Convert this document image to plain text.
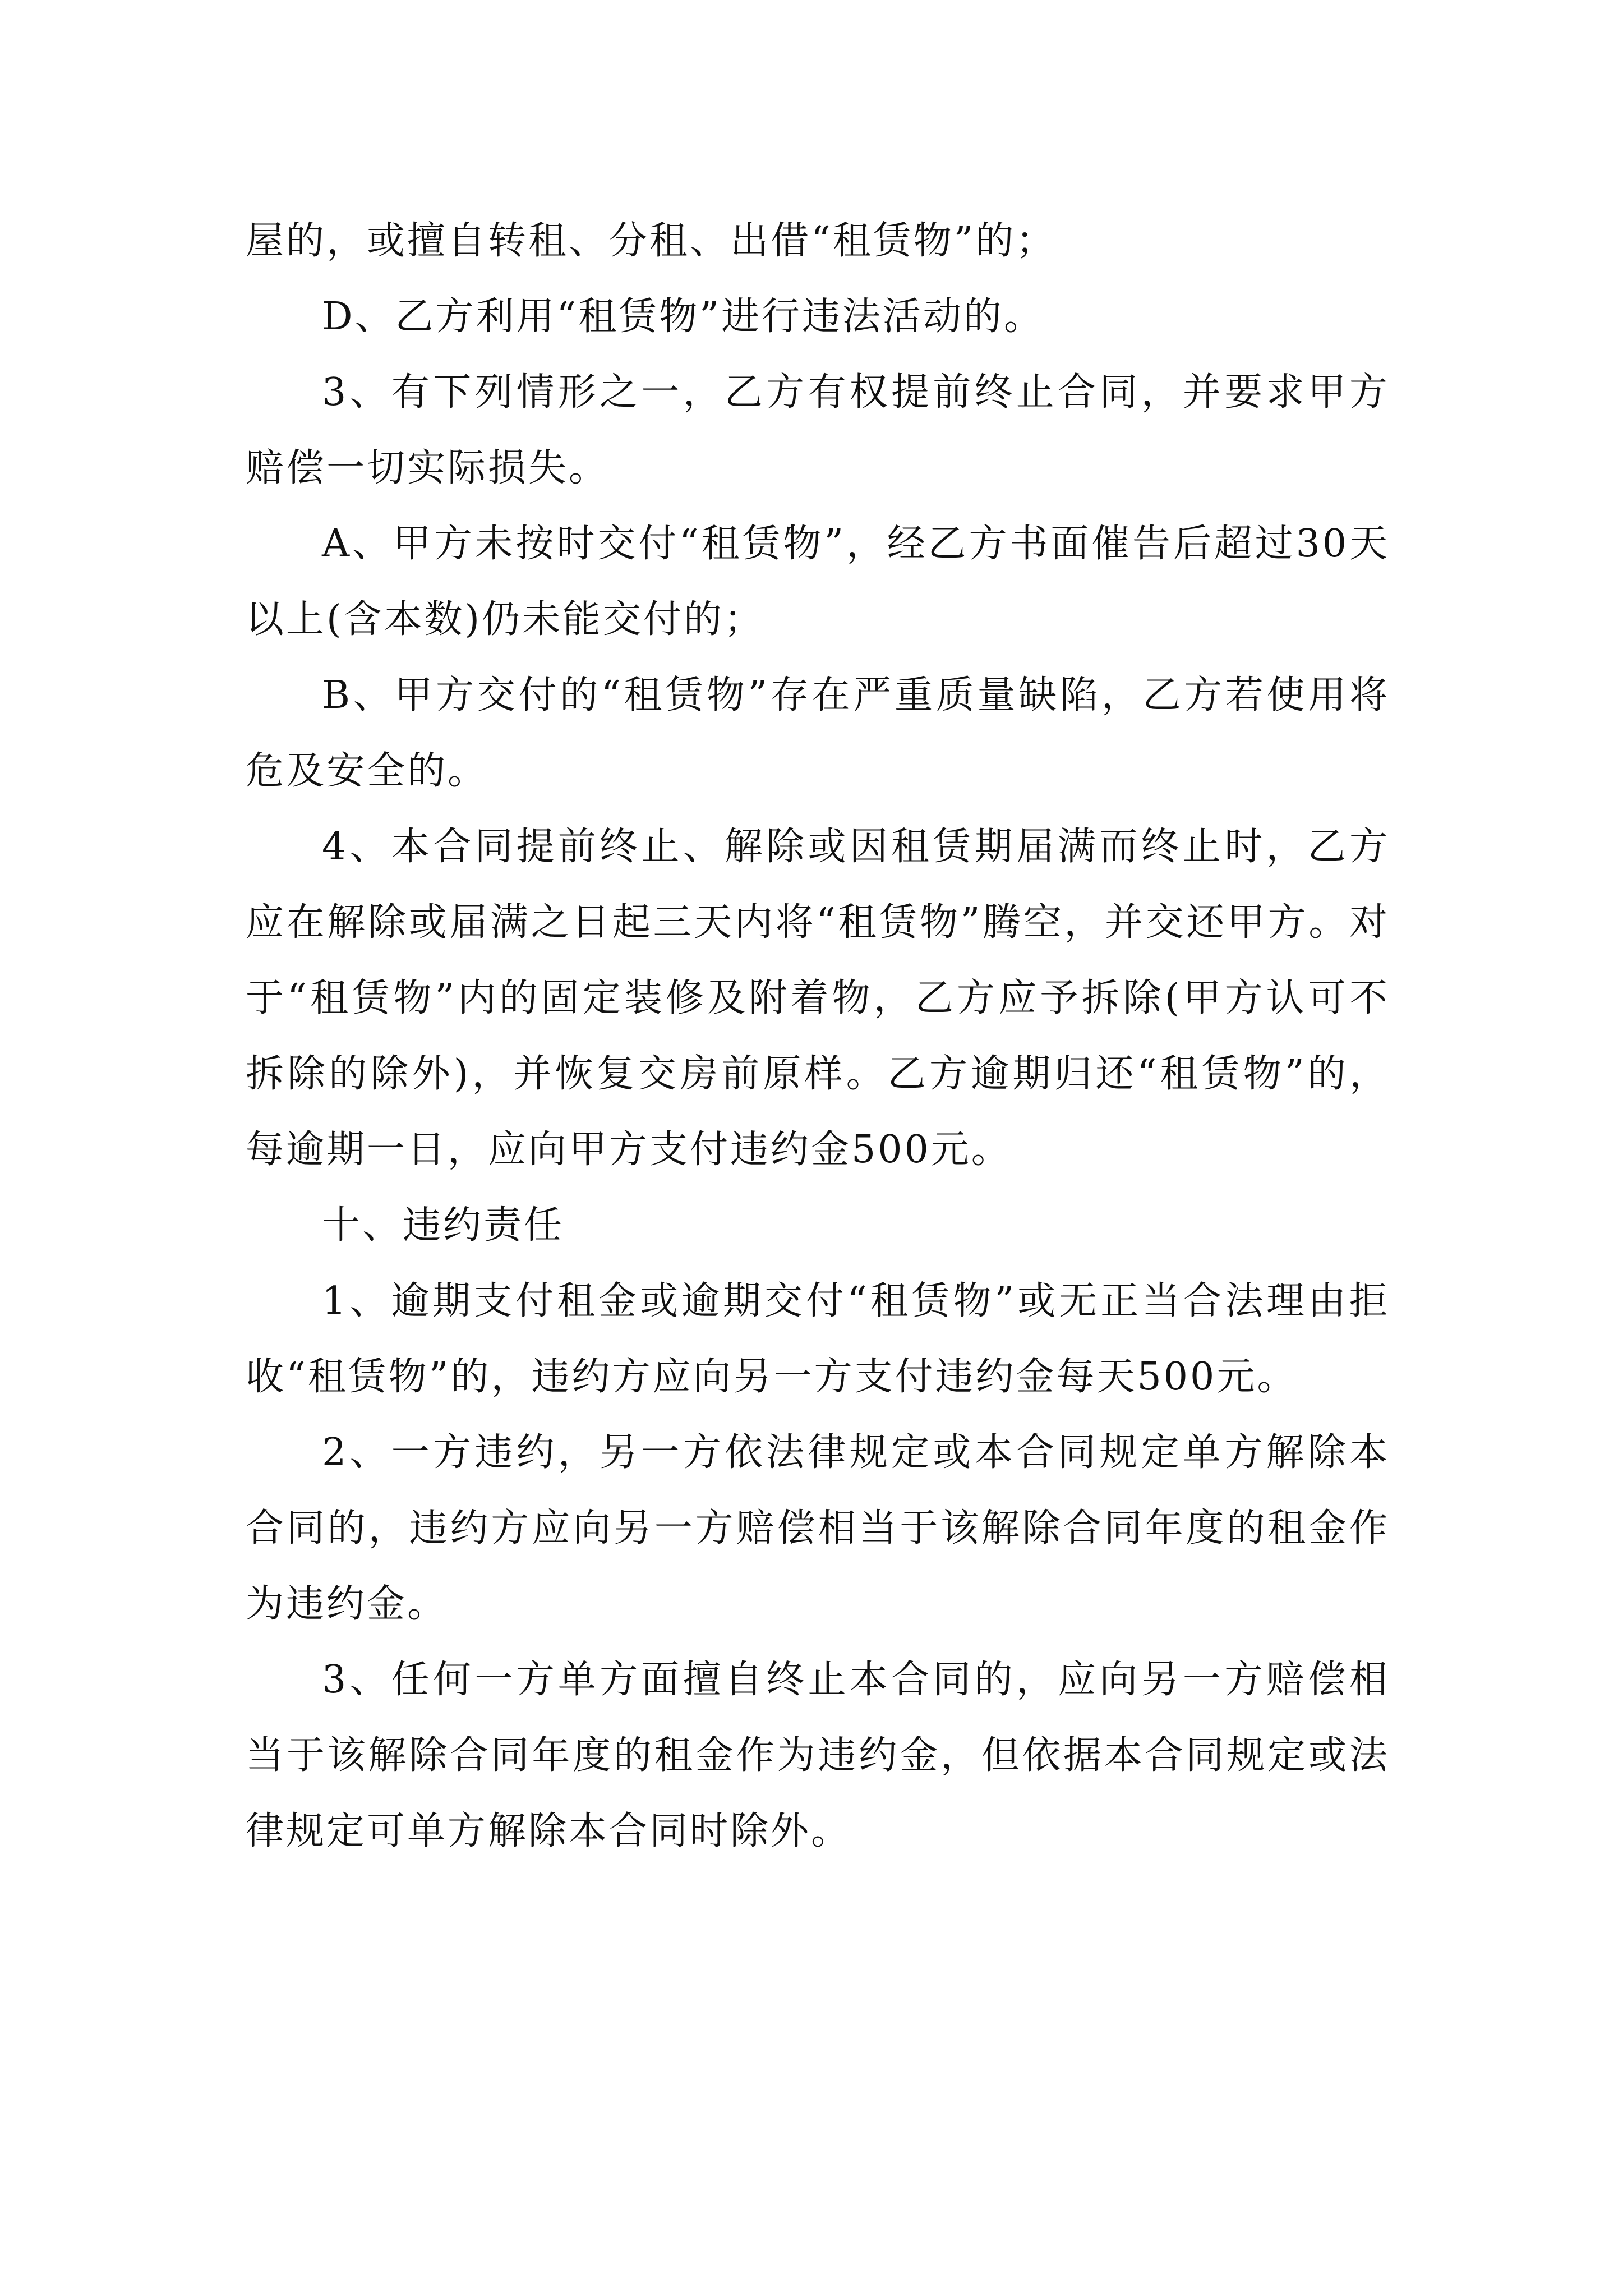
屋的，或擅自转租、分租、出借“租赁物”的；

D、乙方利用“租赁物”进行违法活动的。

3、有下列情形之一，乙方有权提前终止合同，并要求甲方赔偿一切实际损失。

A、甲方未按时交付“租赁物”，经乙方书面催告后超过30天以上(含本数)仍未能交付的；

B、甲方交付的“租赁物”存在严重质量缺陷，乙方若使用将危及安全的。

4、本合同提前终止、解除或因租赁期届满而终止时，乙方应在解除或届满之日起三天内将“租赁物”腾空，并交还甲方。对于“租赁物”内的固定装修及附着物，乙方应予拆除(甲方认可不拆除的除外)，并恢复交房前原样。乙方逾期归还“租赁物”的，每逾期一日，应向甲方支付违约金500元。

十、违约责任

1、逾期支付租金或逾期交付“租赁物”或无正当合法理由拒收“租赁物”的，违约方应向另一方支付违约金每天500元。

2、一方违约，另一方依法律规定或本合同规定单方解除本合同的，违约方应向另一方赔偿相当于该解除合同年度的租金作为违约金。

3、任何一方单方面擅自终止本合同的，应向另一方赔偿相当于该解除合同年度的租金作为违约金，但依据本合同规定或法律规定可单方解除本合同时除外。
